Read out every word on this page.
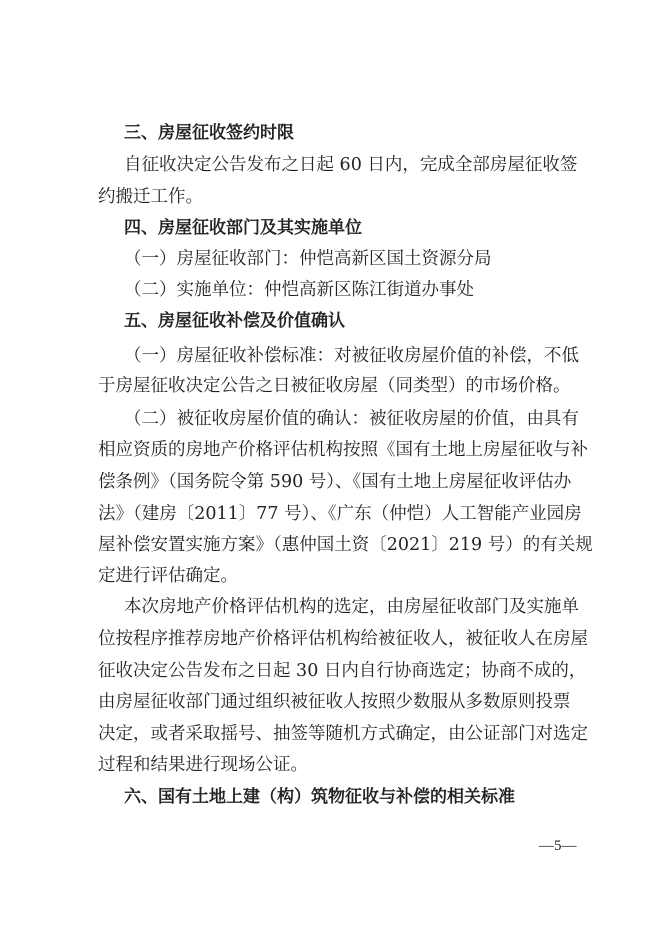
三、房屋征收签约时限
自征收决定公告发布之日起 60 日内，完成全部房屋征收签
约搬迁工作。
四、房屋征收部门及其实施单位
（一）房屋征收部门：仲恺高新区国土资源分局
（二）实施单位：仲恺高新区陈江街道办事处
五、房屋征收补偿及价值确认
（一）房屋征收补偿标准：对被征收房屋价值的补偿，不低
于房屋征收决定公告之日被征收房屋（同类型）的市场价格。
（二）被征收房屋价值的确认：被征收房屋的价值，由具有
相应资质的房地产价格评估机构按照《国有土地上房屋征收与补
偿条例》（国务院令第 590 号）、《国有土地上房屋征收评估办
法》（建房〔2011〕77 号）、《广东（仲恺）人工智能产业园房
屋补偿安置实施方案》（惠仲国土资〔2021〕219 号）的有关规
定进行评估确定。
本次房地产价格评估机构的选定，由房屋征收部门及实施单
位按程序推荐房地产价格评估机构给被征收人，被征收人在房屋
征收决定公告发布之日起 30 日内自行协商选定；协商不成的，
由房屋征收部门通过组织被征收人按照少数服从多数原则投票
决定，或者采取摇号、抽签等随机方式确定，由公证部门对选定
过程和结果进行现场公证。
六、国有土地上建（构）筑物征收与补偿的相关标准
—5—
